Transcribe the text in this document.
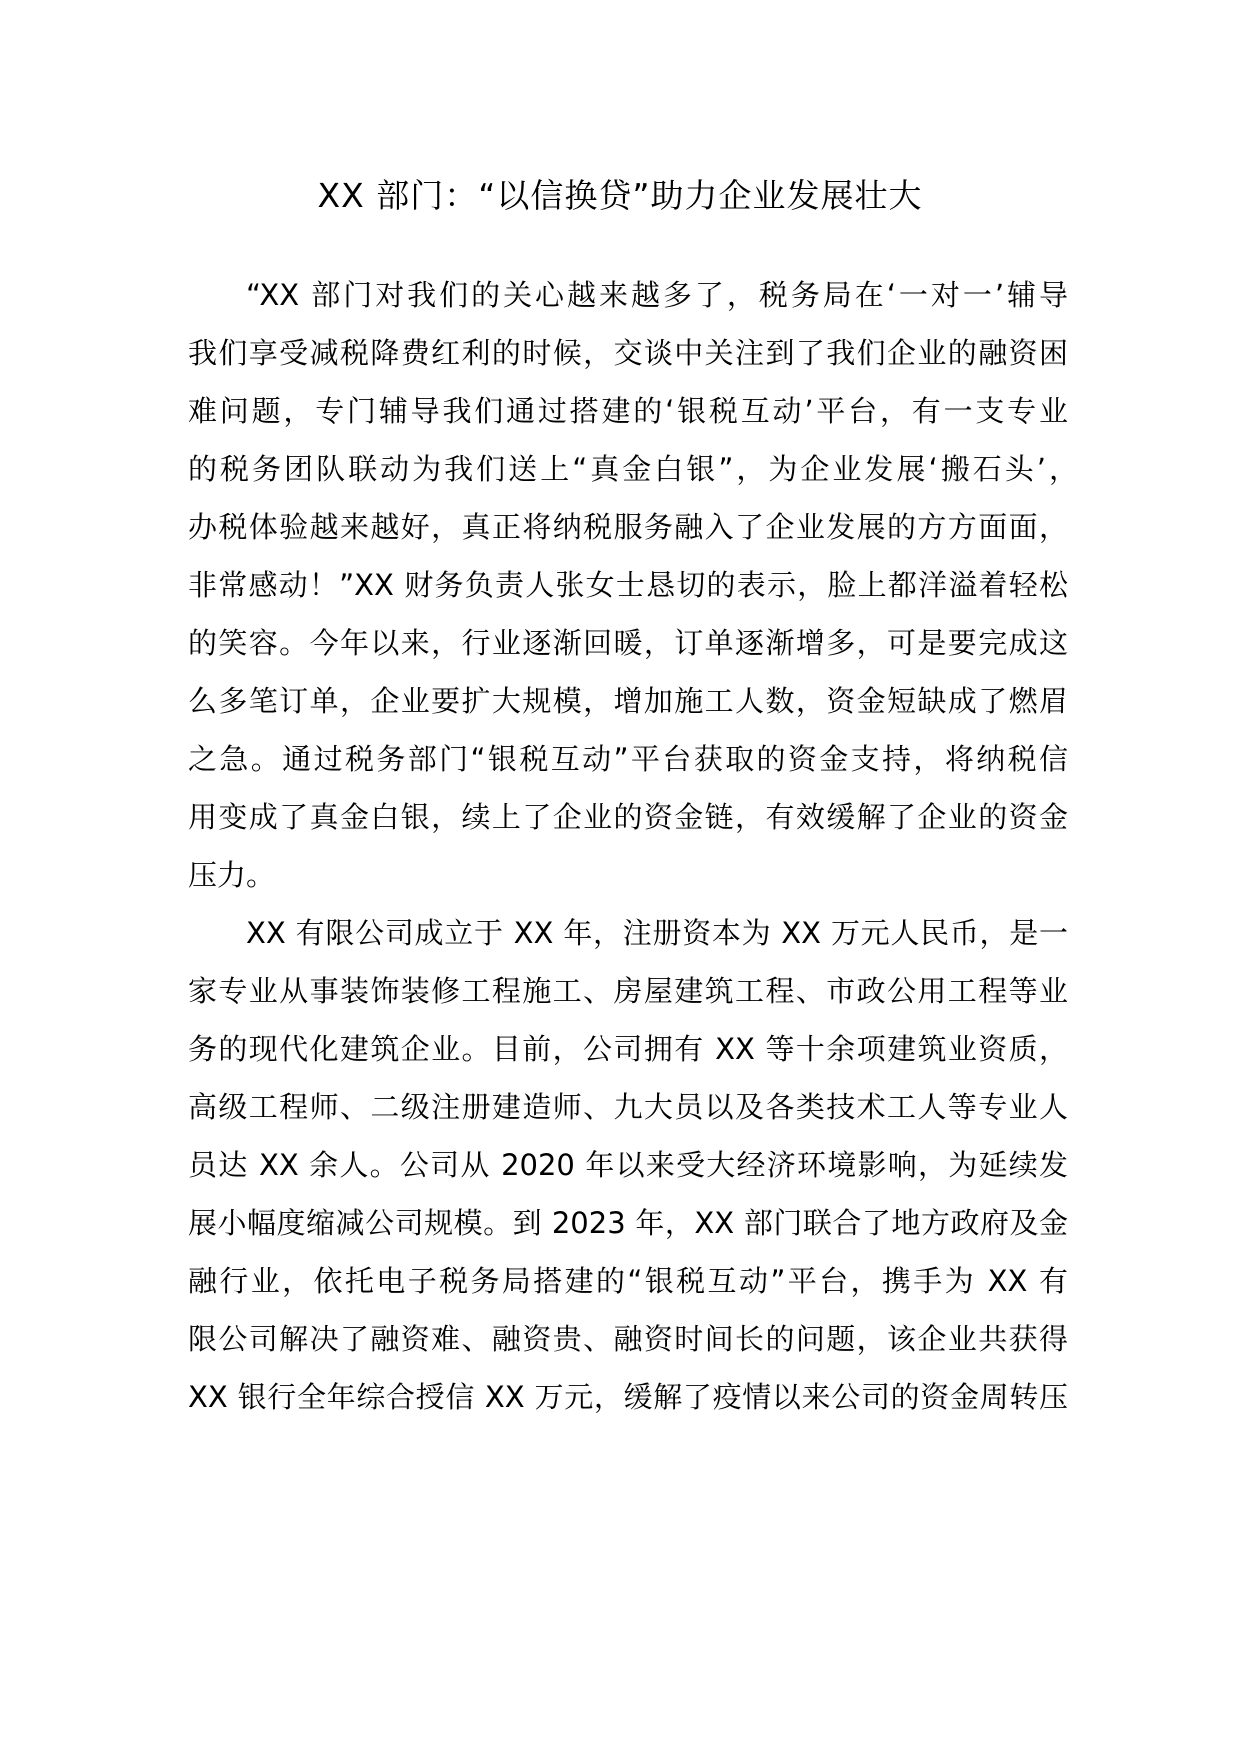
XX 部门：“以信换贷”助力企业发展壮大

“XX 部门对我们的关心越来越多了，税务局在‘一对一’辅导

我们享受减税降费红利的时候，交谈中关注到了我们企业的融资困

难问题，专门辅导我们通过搭建的‘银税互动’平台，有一支专业

的税务团队联动为我们送上“真金白银”，为企业发展‘搬石头’，

办税体验越来越好，真正将纳税服务融入了企业发展的方方面面，

非常感动！”XX 财务负责人张女士恳切的表示，脸上都洋溢着轻松

的笑容。今年以来，行业逐渐回暖，订单逐渐增多，可是要完成这

么多笔订单，企业要扩大规模，增加施工人数，资金短缺成了燃眉

之急。通过税务部门“银税互动”平台获取的资金支持，将纳税信

用变成了真金白银，续上了企业的资金链，有效缓解了企业的资金

压力。

XX 有限公司成立于 XX 年，注册资本为 XX 万元人民币，是一

家专业从事装饰装修工程施工、房屋建筑工程、市政公用工程等业

务的现代化建筑企业。目前，公司拥有 XX 等十余项建筑业资质，

高级工程师、二级注册建造师、九大员以及各类技术工人等专业人

员达 XX 余人。公司从 2020 年以来受大经济环境影响，为延续发

展小幅度缩减公司规模。到 2023 年，XX 部门联合了地方政府及金

融行业，依托电子税务局搭建的“银税互动”平台，携手为 XX 有

限公司解决了融资难、融资贵、融资时间长的问题，该企业共获得

XX 银行全年综合授信 XX 万元，缓解了疫情以来公司的资金周转压
